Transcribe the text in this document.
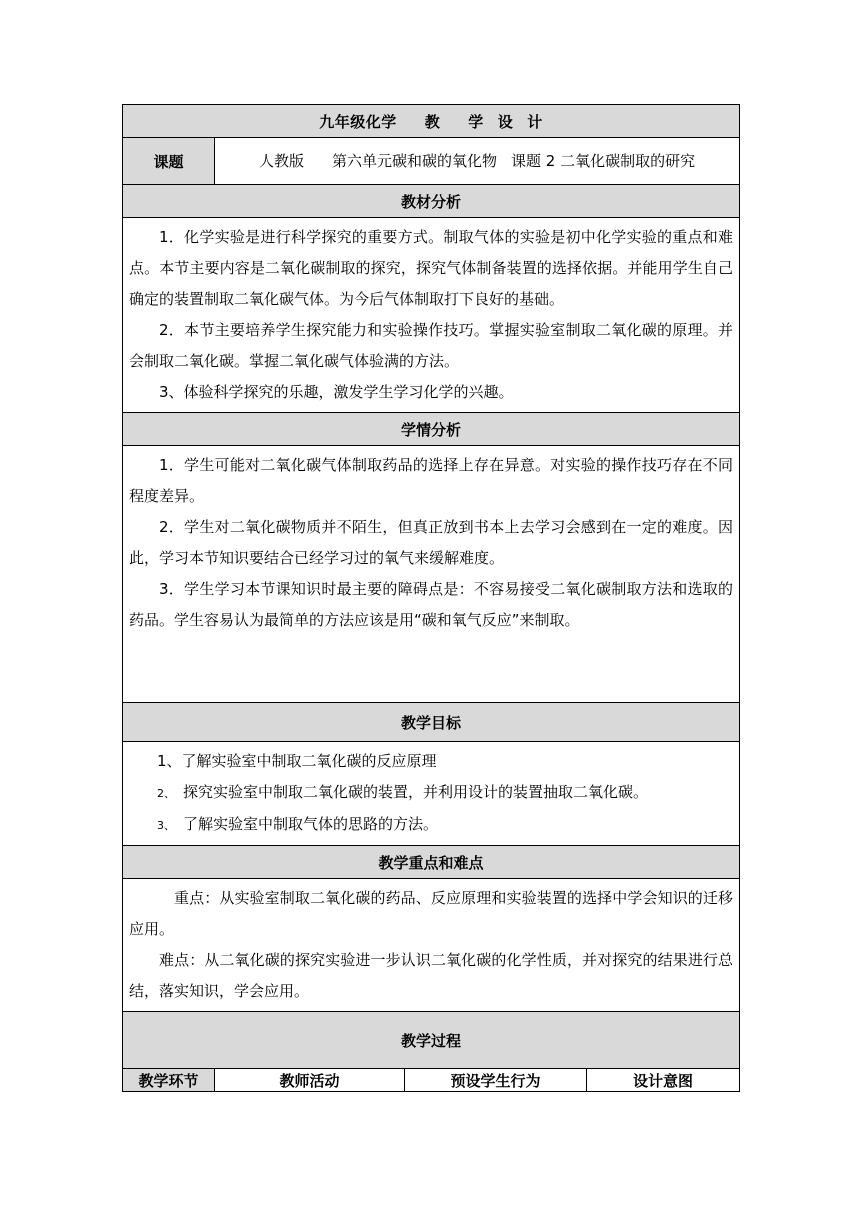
九年级化学 教 学 设 计			
课题	人教版 第六单元碳和碳的氧化物 课题 2 二氧化碳制取的研究		
教材分析			

1．化学实验是进行科学探究的重要方式。制取气体的实验是初中化学实验的重点和难点。本节主要内容是二氧化碳制取的探究，探究气体制备装置的选择依据。并能用学生自己确定的装置制取二氧化碳气体。为今后气体制取打下良好的基础。

2．本节主要培养学生探究能力和实验操作技巧。掌握实验室制取二氧化碳的原理。并会制取二氧化碳。掌握二氧化碳气体验满的方法。

3、体验科学探究的乐趣，激发学生学习化学的兴趣。			

学情分析			

1．学生可能对二氧化碳气体制取药品的选择上存在异意。对实验的操作技巧存在不同程度差异。

2．学生对二氧化碳物质并不陌生，但真正放到书本上去学习会感到在一定的难度。因此，学习本节知识要结合已经学习过的氧气来缓解难度。

3．学生学习本节课知识时最主要的障碍点是：不容易接受二氧化碳制取方法和选取的药品。学生容易认为最简单的方法应该是用“碳和氧气反应”来制取。			

教学目标			

1、了解实验室中制取二氧化碳的反应原理

2、 探究实验室中制取二氧化碳的装置，并利用设计的装置抽取二氧化碳。

3、 了解实验室中制取气体的思路的方法。			

教学重点和难点			

重点：从实验室制取二氧化碳的药品、反应原理和实验装置的选择中学会知识的迁移应用。

难点：从二氧化碳的探究实验进一步认识二氧化碳的化学性质，并对探究的结果进行总结，落实知识，学会应用。			

教学过程			
教学环节	教师活动	预设学生行为	设计意图
